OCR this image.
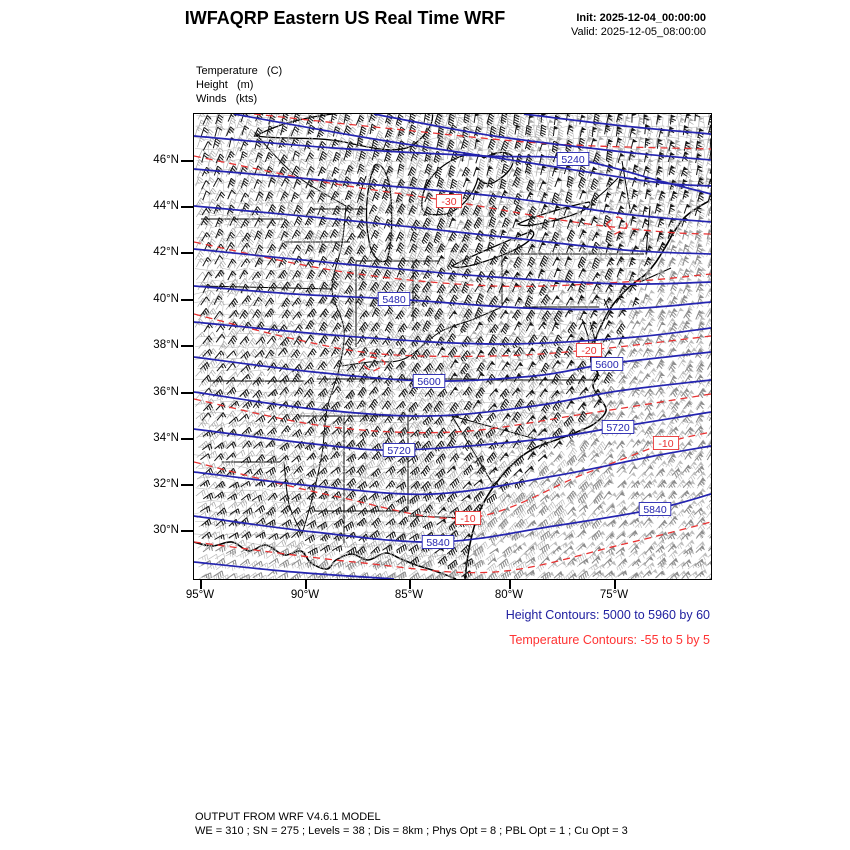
IWFAQRP Eastern US Real Time WRF	Init: 2025-12-04_00:00:00
Valid: 2025-12-05_08:00:00
Temperature   (C)
Height   (m)
Winds   (kts)
-30
-20
-10
-10
5240
5480
5600
5600
5720
5720
5840
5840
46°N
44°N
42°N
40°N
38°N
36°N
34°N
32°N
30°N
95°W	90°W	85°W	80°W	75°W
Height Contours: 5000 to 5960 by 60
Temperature Contours: -55 to 5 by 5
OUTPUT FROM WRF V4.6.1 MODEL
WE = 310 ; SN = 275 ; Levels = 38 ; Dis = 8km ; Phys Opt = 8 ; PBL Opt = 1 ; Cu Opt = 3
